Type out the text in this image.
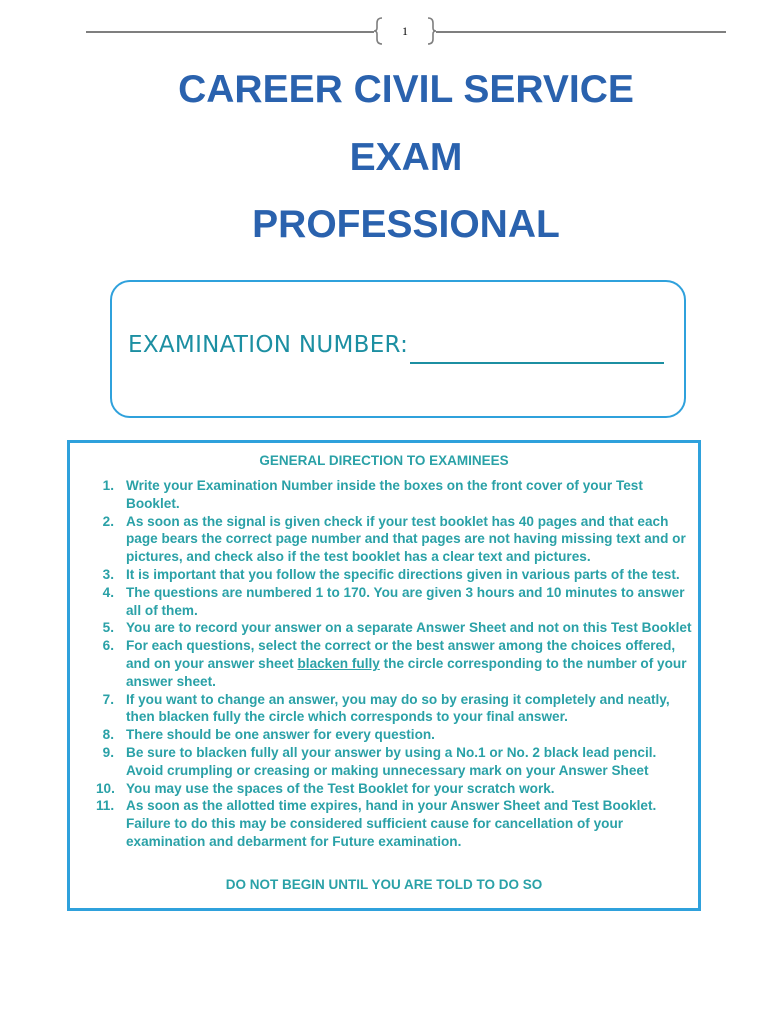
1
CAREER CIVIL SERVICE
EXAM
PROFESSIONAL
EXAMINATION NUMBER:
GENERAL DIRECTION TO EXAMINEES
1. Write your Examination Number inside the boxes on the front cover of your Test Booklet.
2. As soon as the signal is given check if your test booklet has 40 pages and that each page bears the correct page number and that pages are not having missing text and or pictures, and check also if the test booklet has a clear text and pictures.
3. It is important that you follow the specific directions given in various parts of the test.
4. The questions are numbered 1 to 170. You are given 3 hours and 10 minutes to answer all of them.
5. You are to record your answer on a separate Answer Sheet and not on this Test Booklet
6. For each questions, select the correct or the best answer among the choices offered, and on your answer sheet blacken fully the circle corresponding to the number of your answer sheet.
7. If you want to change an answer, you may do so by erasing it completely and neatly, then blacken fully the circle which corresponds to your final answer.
8. There should be one answer for every question.
9. Be sure to blacken fully all your answer by using a No.1 or No. 2 black lead pencil. Avoid crumpling or creasing or making unnecessary mark on your Answer Sheet
10. You may use the spaces of the Test Booklet for your scratch work.
11. As soon as the allotted time expires, hand in your Answer Sheet and Test Booklet. Failure to do this may be considered sufficient cause for cancellation of your examination and debarment for Future examination.
DO NOT BEGIN UNTIL YOU ARE TOLD TO DO SO
